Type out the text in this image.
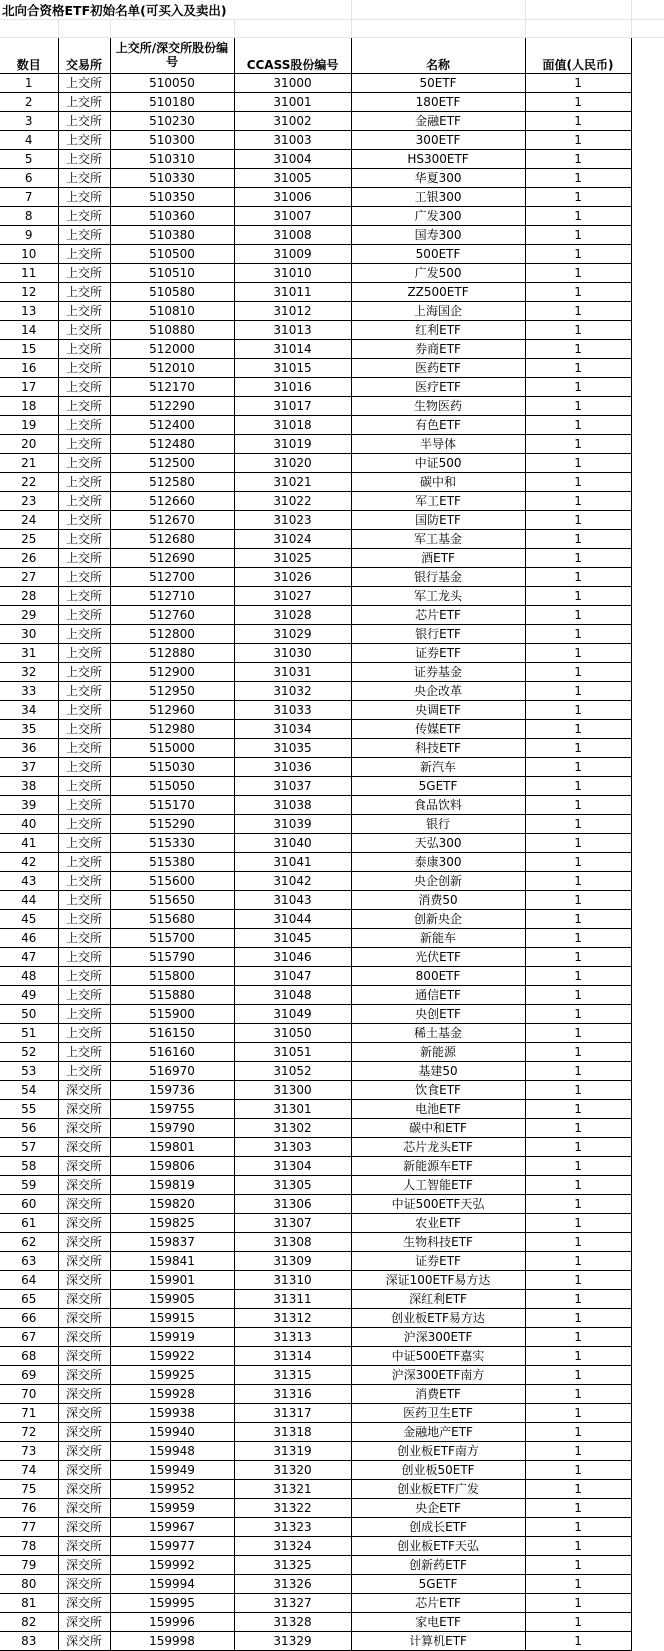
北向合资格ETF初始名单(可买入及卖出)						

数目	交易所	上交所/深交所股份编号	CCASS股份编号	名称	面值(人民币)	
1	上交所	510050	31000	50ETF	1	
2	上交所	510180	31001	180ETF	1	
3	上交所	510230	31002	金融ETF	1	
4	上交所	510300	31003	300ETF	1	
5	上交所	510310	31004	HS300ETF	1	
6	上交所	510330	31005	华夏300	1	
7	上交所	510350	31006	工银300	1	
8	上交所	510360	31007	广发300	1	
9	上交所	510380	31008	国寿300	1	
10	上交所	510500	31009	500ETF	1	
11	上交所	510510	31010	广发500	1	
12	上交所	510580	31011	ZZ500ETF	1	
13	上交所	510810	31012	上海国企	1	
14	上交所	510880	31013	红利ETF	1	
15	上交所	512000	31014	券商ETF	1	
16	上交所	512010	31015	医药ETF	1	
17	上交所	512170	31016	医疗ETF	1	
18	上交所	512290	31017	生物医药	1	
19	上交所	512400	31018	有色ETF	1	
20	上交所	512480	31019	半导体	1	
21	上交所	512500	31020	中证500	1	
22	上交所	512580	31021	碳中和	1	
23	上交所	512660	31022	军工ETF	1	
24	上交所	512670	31023	国防ETF	1	
25	上交所	512680	31024	军工基金	1	
26	上交所	512690	31025	酒ETF	1	
27	上交所	512700	31026	银行基金	1	
28	上交所	512710	31027	军工龙头	1	
29	上交所	512760	31028	芯片ETF	1	
30	上交所	512800	31029	银行ETF	1	
31	上交所	512880	31030	证券ETF	1	
32	上交所	512900	31031	证券基金	1	
33	上交所	512950	31032	央企改革	1	
34	上交所	512960	31033	央调ETF	1	
35	上交所	512980	31034	传媒ETF	1	
36	上交所	515000	31035	科技ETF	1	
37	上交所	515030	31036	新汽车	1	
38	上交所	515050	31037	5GETF	1	
39	上交所	515170	31038	食品饮料	1	
40	上交所	515290	31039	银行	1	
41	上交所	515330	31040	天弘300	1	
42	上交所	515380	31041	泰康300	1	
43	上交所	515600	31042	央企创新	1	
44	上交所	515650	31043	消费50	1	
45	上交所	515680	31044	创新央企	1	
46	上交所	515700	31045	新能车	1	
47	上交所	515790	31046	光伏ETF	1	
48	上交所	515800	31047	800ETF	1	
49	上交所	515880	31048	通信ETF	1	
50	上交所	515900	31049	央创ETF	1	
51	上交所	516150	31050	稀土基金	1	
52	上交所	516160	31051	新能源	1	
53	上交所	516970	31052	基建50	1	
54	深交所	159736	31300	饮食ETF	1	
55	深交所	159755	31301	电池ETF	1	
56	深交所	159790	31302	碳中和ETF	1	
57	深交所	159801	31303	芯片龙头ETF	1	
58	深交所	159806	31304	新能源车ETF	1	
59	深交所	159819	31305	人工智能ETF	1	
60	深交所	159820	31306	中证500ETF天弘	1	
61	深交所	159825	31307	农业ETF	1	
62	深交所	159837	31308	生物科技ETF	1	
63	深交所	159841	31309	证券ETF	1	
64	深交所	159901	31310	深证100ETF易方达	1	
65	深交所	159905	31311	深红利ETF	1	
66	深交所	159915	31312	创业板ETF易方达	1	
67	深交所	159919	31313	沪深300ETF	1	
68	深交所	159922	31314	中证500ETF嘉实	1	
69	深交所	159925	31315	沪深300ETF南方	1	
70	深交所	159928	31316	消费ETF	1	
71	深交所	159938	31317	医药卫生ETF	1	
72	深交所	159940	31318	金融地产ETF	1	
73	深交所	159948	31319	创业板ETF南方	1	
74	深交所	159949	31320	创业板50ETF	1	
75	深交所	159952	31321	创业板ETF广发	1	
76	深交所	159959	31322	央企ETF	1	
77	深交所	159967	31323	创成长ETF	1	
78	深交所	159977	31324	创业板ETF天弘	1	
79	深交所	159992	31325	创新药ETF	1	
80	深交所	159994	31326	5GETF	1	
81	深交所	159995	31327	芯片ETF	1	
82	深交所	159996	31328	家电ETF	1	
83	深交所	159998	31329	计算机ETF	1	
